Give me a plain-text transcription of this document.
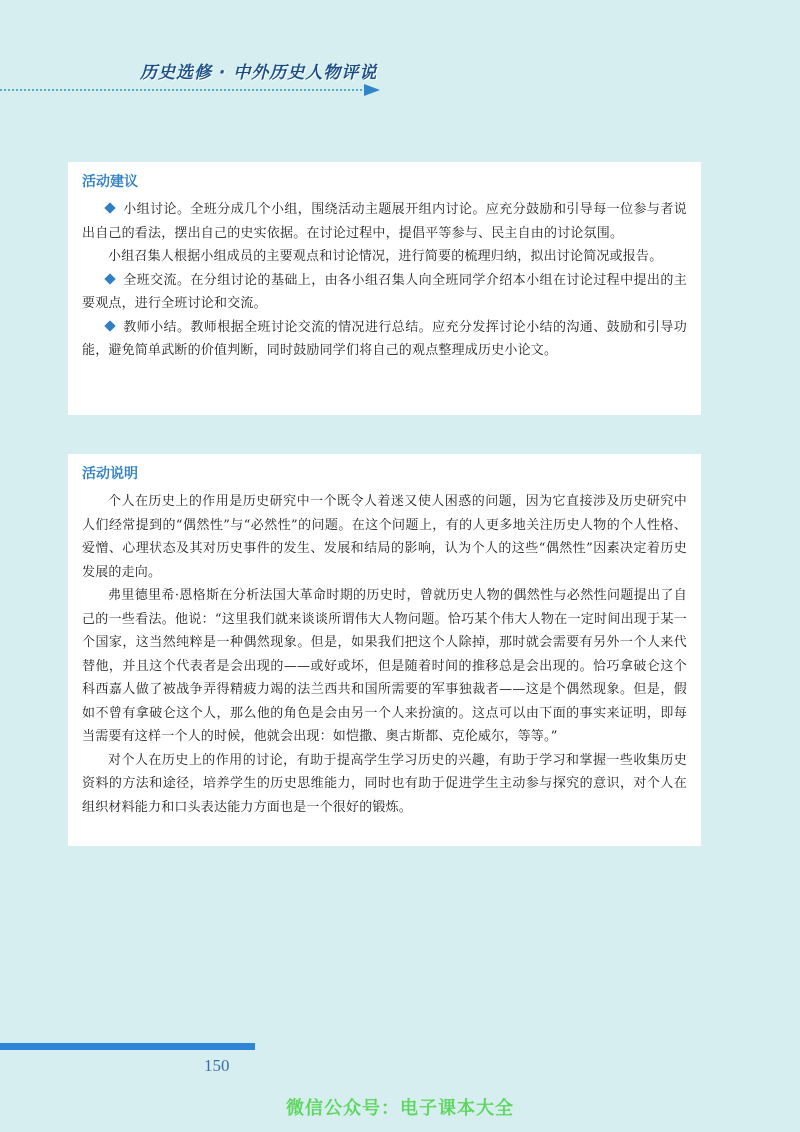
历史选修 · 中外历史人物评说
活动建议

小组讨论。全班分成几个小组，围绕活动主题展开组内讨论。应充分鼓励和引导每一位参与者说出自己的看法，摆出自己的史实依据。在讨论过程中，提倡平等参与、民主自由的讨论氛围。

小组召集人根据小组成员的主要观点和讨论情况，进行简要的梳理归纳，拟出讨论简况或报告。

全班交流。在分组讨论的基础上，由各小组召集人向全班同学介绍本小组在讨论过程中提出的主要观点，进行全班讨论和交流。

教师小结。教师根据全班讨论交流的情况进行总结。应充分发挥讨论小结的沟通、鼓励和引导功能，避免简单武断的价值判断，同时鼓励同学们将自己的观点整理成历史小论文。

活动说明

个人在历史上的作用是历史研究中一个既令人着迷又使人困惑的问题，因为它直接涉及历史研究中人们经常提到的“偶然性”与“必然性”的问题。在这个问题上，有的人更多地关注历史人物的个人性格、爱憎、心理状态及其对历史事件的发生、发展和结局的影响，认为个人的这些“偶然性”因素决定着历史发展的走向。

弗里德里希·恩格斯在分析法国大革命时期的历史时，曾就历史人物的偶然性与必然性问题提出了自己的一些看法。他说：“这里我们就来谈谈所谓伟大人物问题。恰巧某个伟大人物在一定时间出现于某一个国家，这当然纯粹是一种偶然现象。但是，如果我们把这个人除掉，那时就会需要有另外一个人来代替他，并且这个代表者是会出现的——或好或坏，但是随着时间的推移总是会出现的。恰巧拿破仑这个科西嘉人做了被战争弄得精疲力竭的法兰西共和国所需要的军事独裁者——这是个偶然现象。但是，假如不曾有拿破仑这个人，那么他的角色是会由另一个人来扮演的。这点可以由下面的事实来证明，即每当需要有这样一个人的时候，他就会出现：如恺撒、奥古斯都、克伦威尔，等等。”

对个人在历史上的作用的讨论，有助于提高学生学习历史的兴趣，有助于学习和掌握一些收集历史资料的方法和途径，培养学生的历史思维能力，同时也有助于促进学生主动参与探究的意识，对个人在组织材料能力和口头表达能力方面也是一个很好的锻炼。

150
微信公众号：电子课本大全
